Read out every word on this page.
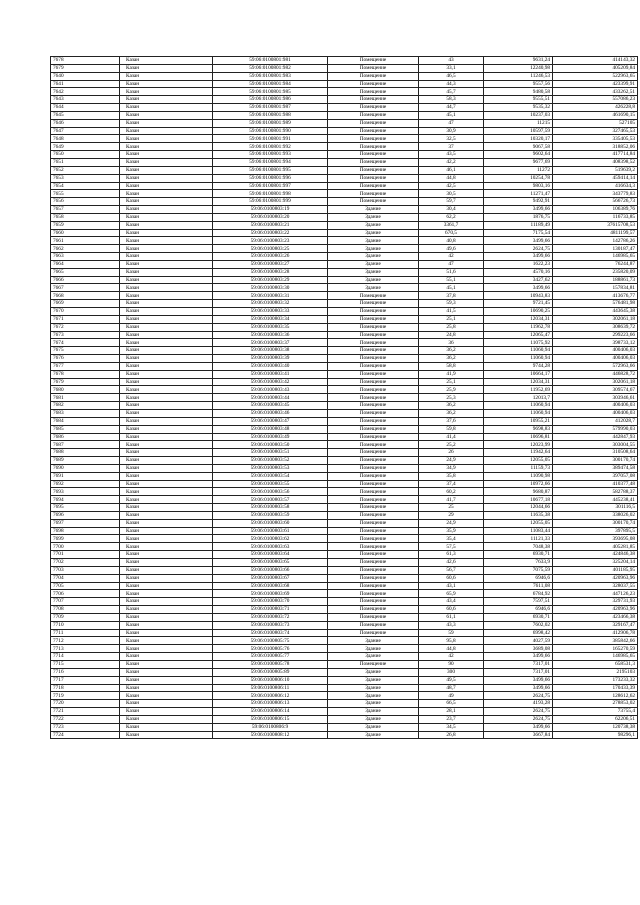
7678	Казан	59:06:0100801:981	Помещение	43	9631,24	414143,32
7679	Казан	59:06:0100801:982	Помещение	33,1	12240,98	405209,84
7640	Казан	59:06:0100801:983	Помещение	46,5	11246,53	522963,65
7641	Казан	59:06:0100801:984	Помещение	44,3	9557,56	423399,91
7642	Казан	59:06:0100801:985	Помещение	45,7	9480,58	433262,51
7643	Казан	59:06:0100801:986	Помещение	58,3	9555,51	557086,23
7644	Казан	59:06:0100801:987	Помещение	44,7	9535,32	426228,8
7645	Казан	59:06:0100801:988	Помещение	45,1	10237,03	461690,15
7646	Казан	59:06:0100801:989	Помещение	47	11215	527105
7647	Казан	59:06:0100801:990	Помещение	30,9	10597,59	327465,53
7648	Казан	59:06:0100801:991	Помещение	32,5	10320,17	335405,53
7649	Казан	59:06:0100801:992	Помещение	37	9067,58	318852,06
7650	Казан	59:06:0100801:993	Помещение	43,5	9602,64	417714,84
7651	Казан	59:06:0100801:994	Помещение	42,2	9677,69	408398,52
7652	Казан	59:06:0100801:995	Помещение	46,1	11272	519639,2
7653	Казан	59:06:0100801:996	Помещение	44,8	10254,78	459414,14
7654	Казан	59:06:0100801:997	Помещение	42,5	9803,16	416634,3
7655	Казан	59:06:0100801:998	Помещение	30,5	11271,47	343779,83
7656	Казан	59:06:0100801:999	Помещение	59,7	9492,91	566726,73
7657	Казан	59:06:0100803:19	Здание	30,4	3499,66	106389,76
7658	Казан	59:06:0100803:20	Здание	62,2	1876,75	116733,85
7659	Казан	59:06:0100803:21	Здание	3361,7	11189,49	37615708,53
7660	Казан	59:06:0100803:22	Здание	670,5	7175,54	4811199,57
7661	Казан	59:06:0100803:23	Здание	40,8	3499,66	142786,26
7662	Казан	59:06:0100803:25	Здание	49,6	2624,75	130187,47
7663	Казан	59:06:0100803:26	Здание	42	3499,66	146985,65
7664	Казан	59:06:0100803:27	Здание	47	1622,23	76244,87
7665	Казан	59:06:0100803:28	Здание	51,6	4570,16	235820,09
7666	Казан	59:06:0100803:29	Здание	55,1	3427,62	188861,73
7667	Казан	59:06:0100803:30	Здание	45,1	3499,66	157834,81
7668	Казан	59:06:0100803:31	Помещение	37,8	10943,83	413676,77
7669	Казан	59:06:0100803:32	Помещение	59,3	9721,45	576481,98
7670	Казан	59:06:0100803:33	Помещение	41,5	10690,25	443645,38
7671	Казан	59:06:0100803:34	Помещение	25,1	12034,31	302061,18
7672	Казан	59:06:0100803:35	Помещение	25,8	11962,78	308639,72
7673	Казан	59:06:0100803:36	Помещение	24,8	12065,47	299223,66
7674	Казан	59:06:0100803:37	Помещение	36	11075,92	398733,12
7675	Казан	59:06:0100803:38	Помещение	36,2	11060,94	400406,03
7676	Казан	59:06:0100803:39	Помещение	36,2	11060,94	400406,03
7677	Казан	59:06:0100803:40	Помещение	58,8	9744,28	572963,66
7678	Казан	59:06:0100803:41	Помещение	41,9	10664,17	446828,72
7679	Казан	59:06:0100803:42	Помещение	25,1	12034,31	302061,18
7680	Казан	59:06:0100803:43	Помещение	25,9	11952,69	309574,67
7681	Казан	59:06:0100803:44	Помещение	25,3	12013,7	303946,61
7682	Казан	59:06:0100803:45	Помещение	36,2	11060,94	400406,03
7683	Казан	59:06:0100803:46	Помещение	36,2	11060,94	400406,03
7684	Казан	59:06:0100803:47	Помещение	37,6	10955,21	412028,7
7685	Казан	59:06:0100803:48	Помещение	59,8	9698,83	579990,03
7686	Казан	59:06:0100803:49	Помещение	41,4	10696,81	442847,93
7687	Казан	59:06:0100803:50	Помещение	25,2	12023,99	303004,55
7688	Казан	59:06:0100803:51	Помещение	26	11942,64	310508,64
7689	Казан	59:06:0100803:52	Помещение	24,9	12055,05	300170,74
7690	Казан	59:06:0100803:53	Помещение	34,9	11159,73	389474,58
7691	Казан	59:06:0100803:54	Помещение	35,8	11090,98	397057,08
7692	Казан	59:06:0100803:55	Помещение	37,4	10972,66	410377,48
7693	Казан	59:06:0100803:56	Помещение	60,2	9680,87	582788,37
7694	Казан	59:06:0100803:57	Помещение	41,7	10677,18	445238,41
7695	Казан	59:06:0100803:58	Помещение	25	12044,66	301116,5
7696	Казан	59:06:0100803:59	Помещение	29	11635,38	338026,02
7697	Казан	59:06:0100803:60	Помещение	24,9	12055,05	300170,74
7698	Казан	59:06:0100803:61	Помещение	35,9	11083,44	397895,5
7699	Казан	59:06:0100803:62	Помещение	35,4	11121,33	393695,08
7700	Казан	59:06:0100803:63	Помещение	57,5	7048,38	405281,85
7701	Казан	59:06:0100803:64	Помещение	61,3	6930,71	424846,38
7702	Казан	59:06:0100803:65	Помещение	42,6	7633,9	325204,14
7703	Казан	59:06:0100803:66	Помещение	56,7	7075,59	401185,95
7704	Казан	59:06:0100803:67	Помещение	60,6	6946,6	420963,96
7705	Казан	59:06:0100803:68	Помещение	43,1	7611,08	328037,55
7706	Казан	59:06:0100803:69	Помещение	65,9	6784,92	447126,23
7707	Казан	59:06:0100803:70	Помещение	43,4	7597,51	329731,93
7708	Казан	59:06:0100803:71	Помещение	60,6	6946,6	420963,96
7709	Казан	59:06:0100803:72	Помещение	61,1	6930,71	423466,38
7710	Казан	59:06:0100803:73	Помещение	43,3	7602,02	329167,47
7711	Казан	59:06:0100803:74	Помещение	59	6998,42	412906,78
7712	Казан	59:06:0100805:75	Здание	95,8	4027,59	385842,66
7713	Казан	59:06:0100805:76	Здание	44,8	3689,08	165270,59
7714	Казан	59:06:0100805:77	Здание	42	3499,66	146985,65
7715	Казан	59:06:0100805:78	Помещение	90	7317,01	658531,3
7716	Казан	59:06:0100805:89	Здание	300	7317,01	2195103
7717	Казан	59:06:0100806:10	Здание	49,5	3499,66	173233,32
7718	Казан	59:06:0100806:11	Здание	48,7	3499,66	170433,39
7719	Казан	59:06:0100806:12	Здание	49	2624,75	128612,62
7720	Казан	59:06:0100806:13	Здание	66,5	4193,28	278853,02
7721	Казан	59:06:0100806:14	Здание	28,1	2624,75	73755,4
7722	Казан	59:06:0100806:15	Здание	23,7	2624,75	62206,51
7723	Казан	59:06:0100806:9	Здание	34,5	3499,66	120738,38
7724	Казан	59:06:0100808:12	Здание	26,8	3667,84	98296,1
